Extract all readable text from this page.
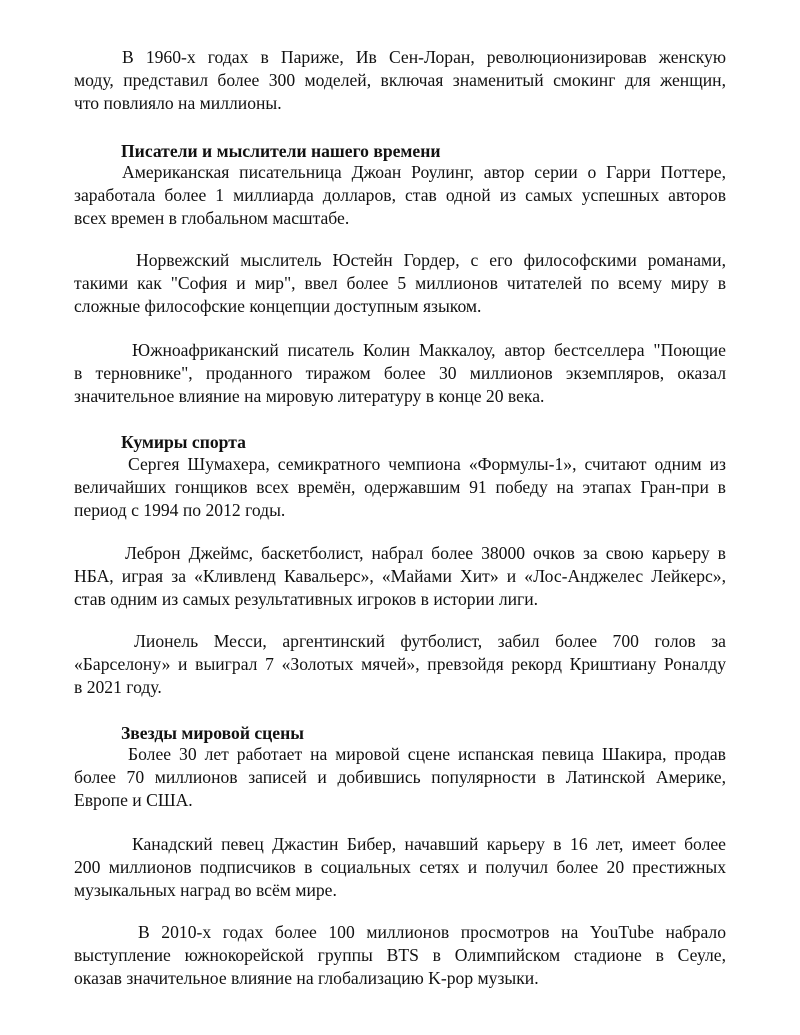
В 1960-х годах в Париже, Ив Сен-Лоран, революционизировав женскую
моду, представил более 300 моделей, включая знаменитый смокинг для женщин,
что повлияло на миллионы.
Писатели и мыслители нашего времени
Американская писательница Джоан Роулинг, автор серии о Гарри Поттере,
заработала более 1 миллиарда долларов, став одной из самых успешных авторов
всех времен в глобальном масштабе.
Норвежский мыслитель Юстейн Гордер, с его философскими романами,
такими как "София и мир", ввел более 5 миллионов читателей по всему миру в
сложные философские концепции доступным языком.
Южноафриканский писатель Колин Маккалоу, автор бестселлера "Поющие
в терновнике", проданного тиражом более 30 миллионов экземпляров, оказал
значительное влияние на мировую литературу в конце 20 века.
Кумиры спорта
Сергея Шумахера, семикратного чемпиона «Формулы-1», считают одним из
величайших гонщиков всех времён, одержавшим 91 победу на этапах Гран-при в
период с 1994 по 2012 годы.
Леброн Джеймс, баскетболист, набрал более 38000 очков за свою карьеру в
НБА, играя за «Кливленд Кавальерс», «Майами Хит» и «Лос-Анджелес Лейкерс»,
став одним из самых результативных игроков в истории лиги.
Лионель Месси, аргентинский футболист, забил более 700 голов за
«Барселону» и выиграл 7 «Золотых мячей», превзойдя рекорд Криштиану Роналду
в 2021 году.
Звезды мировой сцены
Более 30 лет работает на мировой сцене испанская певица Шакира, продав
более 70 миллионов записей и добившись популярности в Латинской Америке,
Европе и США.
Канадский певец Джастин Бибер, начавший карьеру в 16 лет, имеет более
200 миллионов подписчиков в социальных сетях и получил более 20 престижных
музыкальных наград во всём мире.
В 2010-х годах более 100 миллионов просмотров на YouTube набрало
выступление южнокорейской группы BTS в Олимпийском стадионе в Сеуле,
оказав значительное влияние на глобализацию K-pop музыки.
